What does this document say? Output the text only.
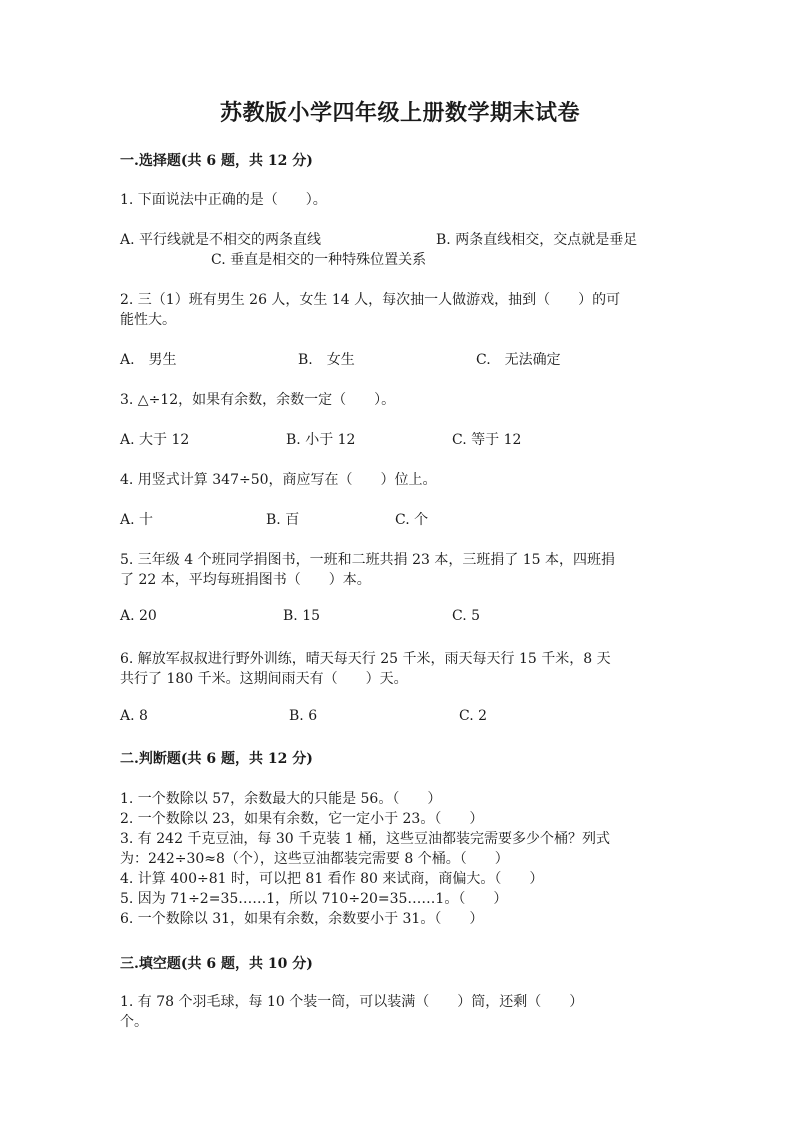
苏教版小学四年级上册数学期末试卷
一.选择题(共 6 题，共 12 分)
1. 下面说法中正确的是（　　）。
A. 平行线就是不相交的两条直线	B. 两条直线相交，交点就是垂足
C. 垂直是相交的一种特殊位置关系
2. 三（1）班有男生 26 人，女生 14 人，每次抽一人做游戏，抽到（　　）的可
能性大。
A.　男生	B.　女生	C.　无法确定
3. △÷12，如果有余数，余数一定（　　）。
A. 大于 12	B. 小于 12	C. 等于 12
4. 用竖式计算 347÷50，商应写在（　　）位上。
A. 十	B. 百	C. 个
5. 三年级 4 个班同学捐图书，一班和二班共捐 23 本，三班捐了 15 本，四班捐
了 22 本，平均每班捐图书（　　）本。
A. 20	B. 15	C. 5
6. 解放军叔叔进行野外训练，晴天每天行 25 千米，雨天每天行 15 千米，8 天
共行了 180 千米。这期间雨天有（　　）天。
A. 8	B. 6	C. 2
二.判断题(共 6 题，共 12 分)
1. 一个数除以 57，余数最大的只能是 56。（　　）
2. 一个数除以 23，如果有余数，它一定小于 23。（　　）
3. 有 242 千克豆油，每 30 千克装 1 桶，这些豆油都装完需要多少个桶？列式
为：242÷30≈8（个），这些豆油都装完需要 8 个桶。（　　）
4. 计算 400÷81 时，可以把 81 看作 80 来试商，商偏大。（　　）
5. 因为 71÷2=35……1，所以 710÷20=35……1。（　　）
6. 一个数除以 31，如果有余数，余数要小于 31。（　　）
三.填空题(共 6 题，共 10 分)
1. 有 78 个羽毛球，每 10 个装一筒，可以装满（　　）筒，还剩（　　）
个。
